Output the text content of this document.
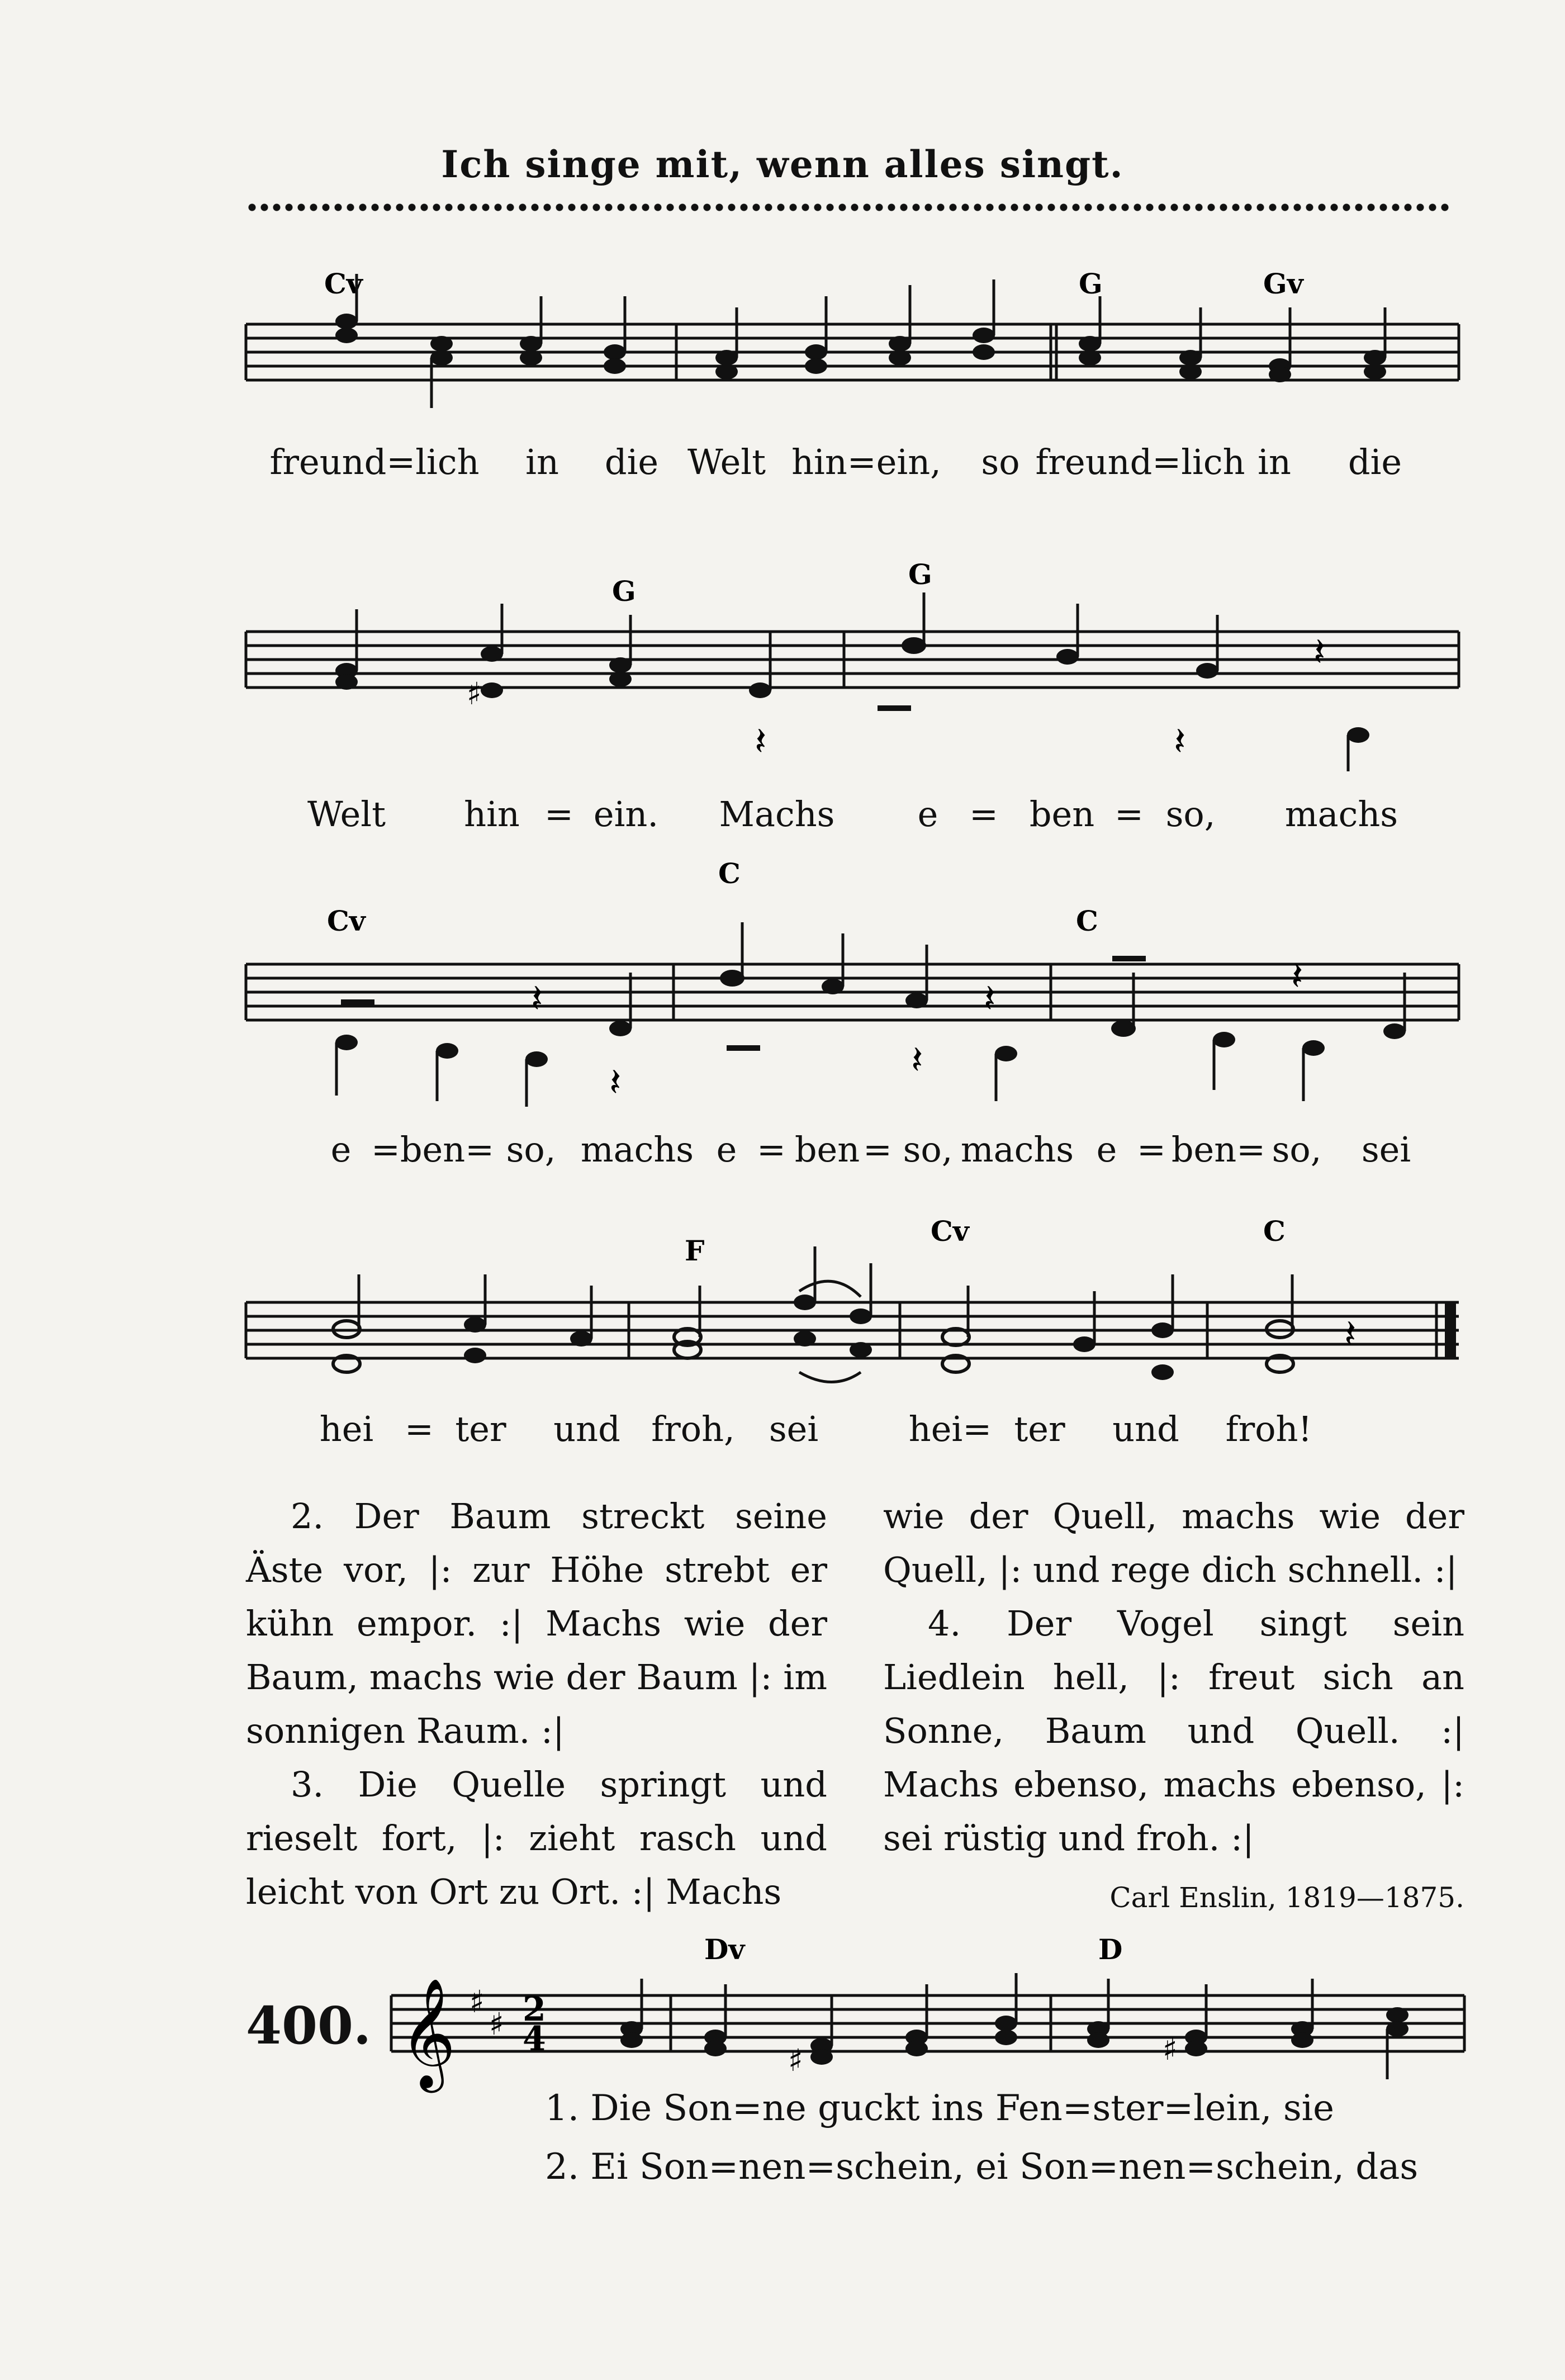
Ich singe mit, wenn alles singt.
Cv	G	Gv
freund=lich in die Welt hin=ein, so freund=lich in die
G
G
𝄽
𝄽	𝄽
♯
Welt hin = ein. Machs e = ben = so, machs
Cv
C
C
𝄽
𝄽
𝄽
𝄽
𝄽
e = ben= so, machs e = ben = so, machs e = ben= so, sei
F
Cv	C
𝄽
hei = ter und froh, sei	hei= ter und froh!

2. Der Baum streckt seine Äste vor, |: zur Höhe strebt er kühn empor. :| Machs wie der Baum, machs wie der Baum |: im sonnigen Raum. :|

3. Die Quelle springt und rieselt fort, |: zieht rasch und leicht von Ort zu Ort. :| Machs

wie der Quell, machs wie der Quell, |: und rege dich schnell. :|

4. Der Vogel singt sein Liedlein hell, |: freut sich an Sonne, Baum und Quell. :| Machs ebenso, machs ebenso, |: sei rüstig und froh. :|

Carl Enslin, 1819—1875.
400. 𝄞 ♯
♯ 2
4
Dv	D
♯	♯
1. Die Son=ne guckt ins Fen=ster=lein, sie
2. Ei Son=nen=schein, ei Son=nen=schein, das
